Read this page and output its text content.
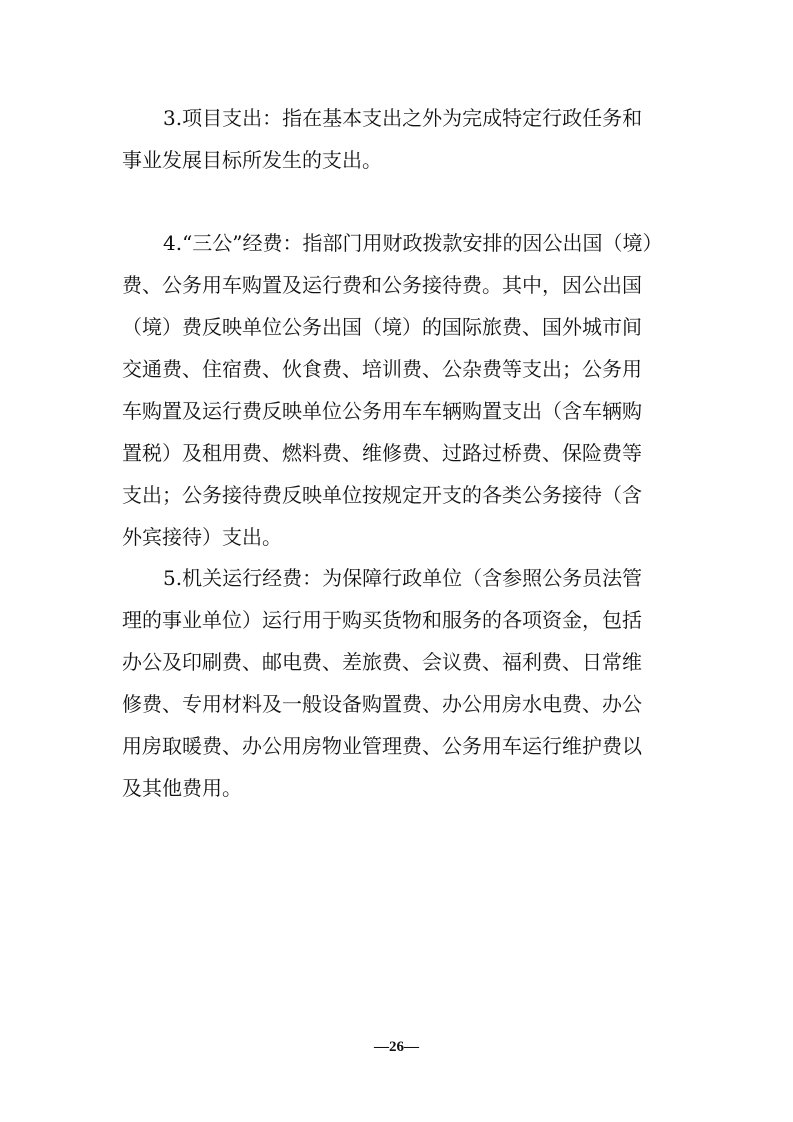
3.项目支出：指在基本支出之外为完成特定行政任务和
事业发展目标所发生的支出。
4.“三公”经费：指部门用财政拨款安排的因公出国（境）
费、公务用车购置及运行费和公务接待费。其中，因公出国
（境）费反映单位公务出国（境）的国际旅费、国外城市间
交通费、住宿费、伙食费、培训费、公杂费等支出；公务用
车购置及运行费反映单位公务用车车辆购置支出（含车辆购
置税）及租用费、燃料费、维修费、过路过桥费、保险费等
支出；公务接待费反映单位按规定开支的各类公务接待（含
外宾接待）支出。
5.机关运行经费：为保障行政单位（含参照公务员法管
理的事业单位）运行用于购买货物和服务的各项资金，包括
办公及印刷费、邮电费、差旅费、会议费、福利费、日常维
修费、专用材料及一般设备购置费、办公用房水电费、办公
用房取暖费、办公用房物业管理费、公务用车运行维护费以
及其他费用。
—26—
